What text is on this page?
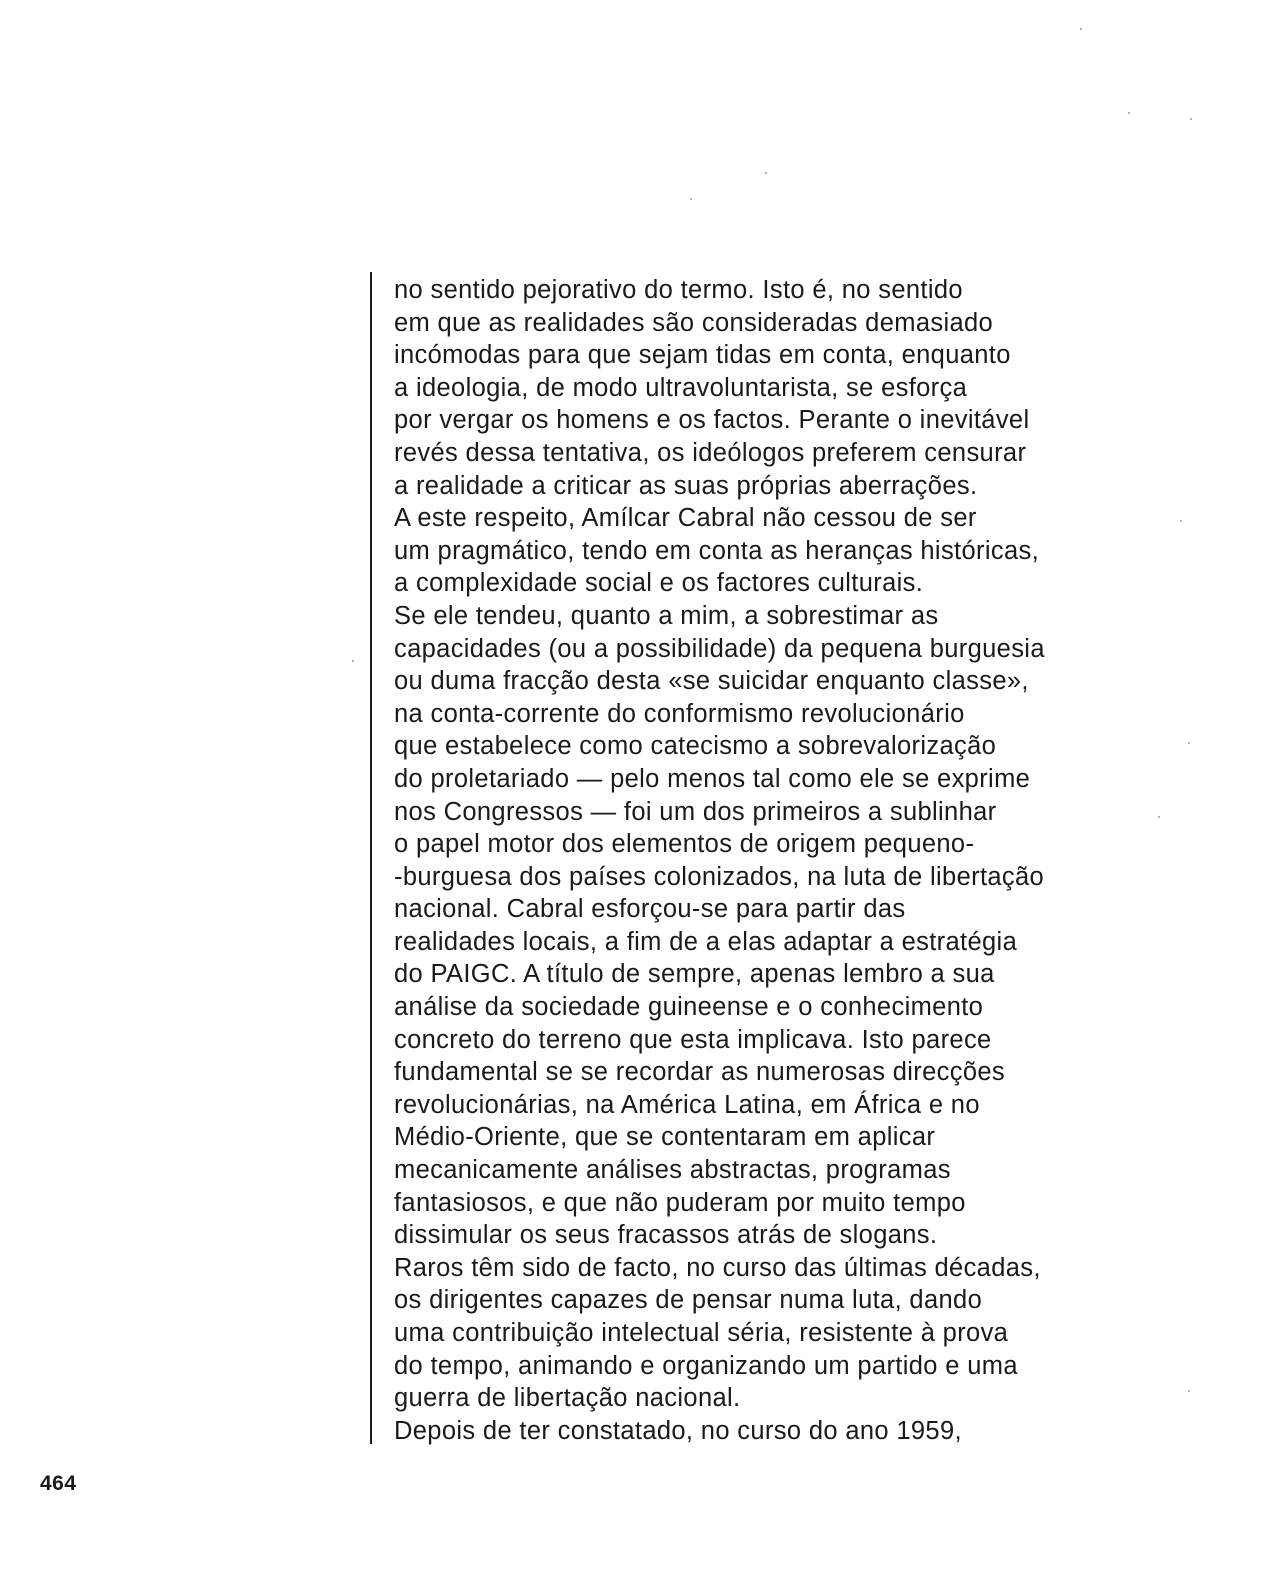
no sentido pejorativo do termo. Isto é, no sentido
em que as realidades são consideradas demasiado
incómodas para que sejam tidas em conta, enquanto
a ideologia, de modo ultravoluntarista, se esforça
por vergar os homens e os factos. Perante o inevitável
revés dessa tentativa, os ideólogos preferem censurar
a realidade a criticar as suas próprias aberrações.
A este respeito, Amílcar Cabral não cessou de ser
um pragmático, tendo em conta as heranças históricas,
a complexidade social e os factores culturais.
Se ele tendeu, quanto a mim, a sobrestimar as
capacidades (ou a possibilidade) da pequena burguesia
ou duma fracção desta «se suicidar enquanto classe»,
na conta-corrente do conformismo revolucionário
que estabelece como catecismo a sobrevalorização
do proletariado — pelo menos tal como ele se exprime
nos Congressos — foi um dos primeiros a sublinhar
o papel motor dos elementos de origem pequeno-
-burguesa dos países colonizados, na luta de libertação
nacional. Cabral esforçou-se para partir das
realidades locais, a fim de a elas adaptar a estratégia
do PAIGC. A título de sempre, apenas lembro a sua
análise da sociedade guineense e o conhecimento
concreto do terreno que esta implicava. Isto parece
fundamental se se recordar as numerosas direcções
revolucionárias, na América Latina, em África e no
Médio-Oriente, que se contentaram em aplicar
mecanicamente análises abstractas, programas
fantasiosos, e que não puderam por muito tempo
dissimular os seus fracassos atrás de slogans.
Raros têm sido de facto, no curso das últimas décadas,
os dirigentes capazes de pensar numa luta, dando
uma contribuição intelectual séria, resistente à prova
do tempo, animando e organizando um partido e uma
guerra de libertação nacional.
Depois de ter constatado, no curso do ano 1959,
464
